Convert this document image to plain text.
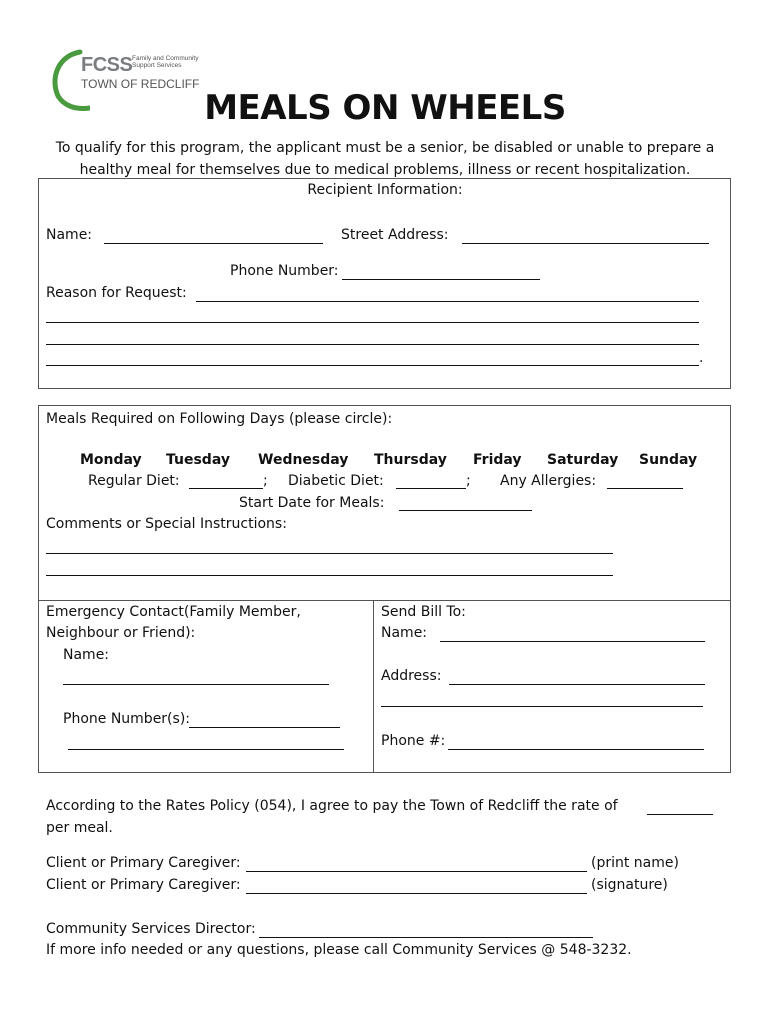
FCSS Family and Community
Support Services
TOWN OF REDCLIFF
MEALS ON WHEELS
To qualify for this program, the applicant must be a senior, be disabled or unable to prepare a
healthy meal for themselves due to medical problems, illness or recent hospitalization.
Recipient Information:
Name:	Street Address:
Phone Number:
Reason for Request:
.
Meals Required on Following Days (please circle):
Monday Tuesday Wednesday Thursday Friday Saturday Sunday
Regular Diet:	; Diabetic Diet:	; Any Allergies:
Start Date for Meals:
Comments or Special Instructions:
Emergency Contact(Family Member,
Neighbour or Friend):
Name:
Phone Number(s):
Send Bill To:
Name:
Address:
Phone #:
According to the Rates Policy (054), I agree to pay the Town of Redcliff the rate of
per meal.
Client or Primary Caregiver:	(print name)
Client or Primary Caregiver:	(signature)
Community Services Director:
If more info needed or any questions, please call Community Services @ 548-3232.
